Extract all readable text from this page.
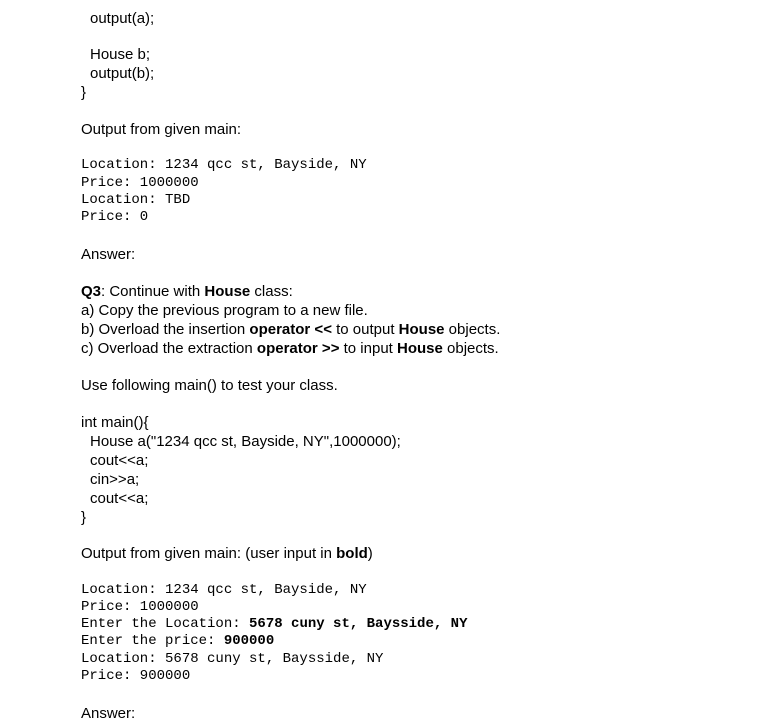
output(a);
House b;
output(b);
}
Output from given main:
Location: 1234 qcc st, Bayside, NY
Price: 1000000
Location: TBD
Price: 0
Answer:
Q3: Continue with House class:
a) Copy the previous program to a new file.
b) Overload the insertion operator << to output House objects.
c) Overload the extraction operator >> to input House objects.
Use following main() to test your class.
int main(){
House a("1234 qcc st, Bayside, NY",1000000);
cout<<a;
cin>>a;
cout<<a;
}
Output from given main: (user input in bold)
Location: 1234 qcc st, Bayside, NY
Price: 1000000
Enter the Location: 5678 cuny st, Baysside, NY
Enter the price: 900000
Location: 5678 cuny st, Baysside, NY
Price: 900000
Answer:
